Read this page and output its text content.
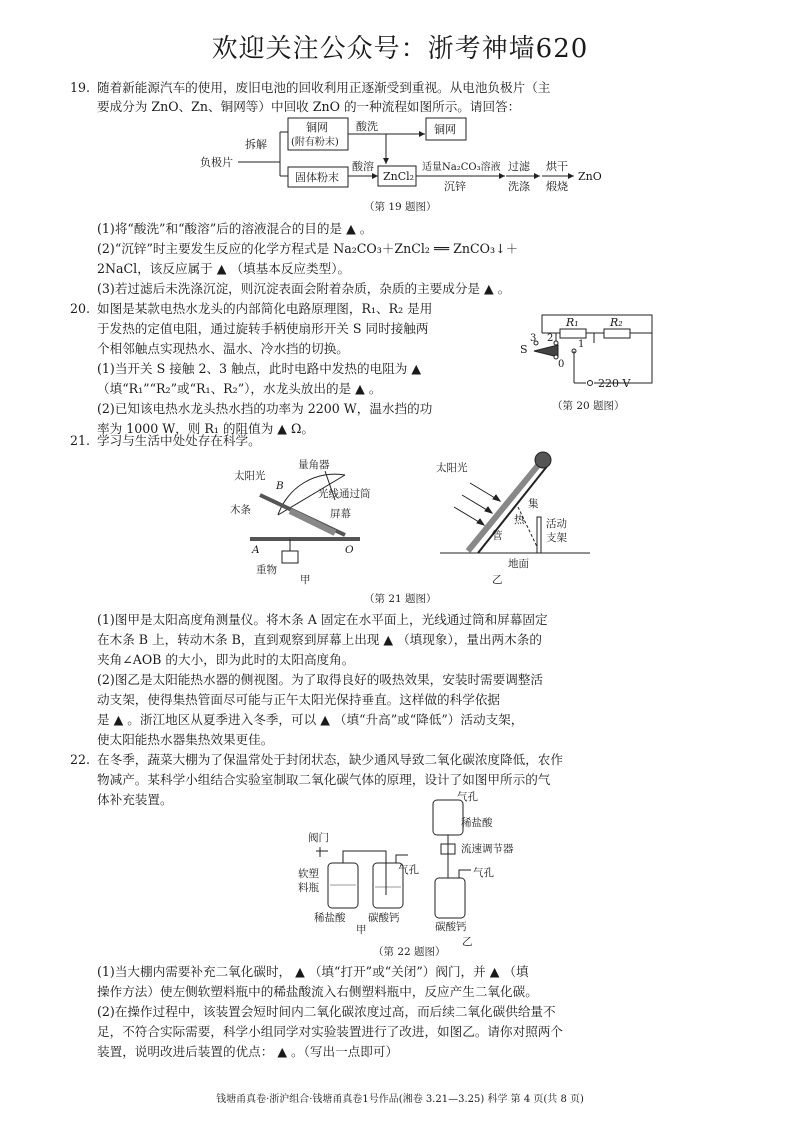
欢迎关注公众号：浙考神墙620
19. 随着新能源汽车的使用，废旧电池的回收利用正逐渐受到重视。从电池负极片（主
要成分为 ZnO、Zn、铜网等）中回收 ZnO 的一种流程如图所示。请回答：
负极片
拆解
铜网
(附有粉末)
酸洗	铜网
固体粉末
酸溶
ZnCl₂
适量Na₂CO₃溶液
沉锌
过滤
洗涤
烘干
煅烧
ZnO
（第 19 题图）
(1)将“酸洗”和“酸溶”后的溶液混合的目的是 ▲ 。
(2)“沉锌”时主要发生反应的化学方程式是 Na₂CO₃＋ZnCl₂ ══ ZnCO₃↓＋
2NaCl，该反应属于 ▲ （填基本反应类型）。
(3)若过滤后未洗涤沉淀，则沉淀表面会附着杂质，杂质的主要成分是 ▲ 。
20. 如图是某款电热水龙头的内部简化电路原理图，R₁、R₂ 是用
于发热的定值电阻，通过旋转手柄使扇形开关 S 同时接触两
个相邻触点实现热水、温水、冷水挡的切换。
(1)当开关 S 接触 2、3 触点，此时电路中发热的电阻为 ▲
（填“R₁”“R₂”或“R₁、R₂”），水龙头放出的是 ▲ 。
(2)已知该电热水龙头热水挡的功率为 2200 W，温水挡的功
率为 1000 W，则 R₁ 的阻值为 ▲ Ω。
R₁	R₂
S
3 2
1
0
220 V
（第 20 题图）
21. 学习与生活中处处存在科学。
量角器
太阳光
B
光线通过筒
屏幕
木条
A	O
重物
甲
太阳光
集
热
管
活动
支架
地面
乙
（第 21 题图）
(1)图甲是太阳高度角测量仪。将木条 A 固定在水平面上，光线通过筒和屏幕固定
在木条 B 上，转动木条 B，直到观察到屏幕上出现 ▲ （填现象），量出两木条的
夹角∠AOB 的大小，即为此时的太阳高度角。
(2)图乙是太阳能热水器的侧视图。为了取得良好的吸热效果，安装时需要调整活
动支架，使得集热管面尽可能与正午太阳光保持垂直。这样做的科学依据
是 ▲ 。浙江地区从夏季进入冬季，可以 ▲ （填“升高”或“降低”）活动支架，
使太阳能热水器集热效果更佳。
22. 在冬季，蔬菜大棚为了保温常处于封闭状态，缺少通风导致二氧化碳浓度降低，农作
物减产。某科学小组结合实验室制取二氧化碳气体的原理，设计了如图甲所示的气
体补充装置。
阀门
软塑
料瓶
气孔
稀盐酸 碳酸钙
甲
气孔
稀盐酸
流速调节器
气孔
碳酸钙
乙
（第 22 题图）
(1)当大棚内需要补充二氧化碳时， ▲ （填“打开”或“关闭”）阀门，并 ▲ （填
操作方法）使左侧软塑料瓶中的稀盐酸流入右侧塑料瓶中，反应产生二氧化碳。
(2)在操作过程中，该装置会短时间内二氧化碳浓度过高，而后续二氧化碳供给量不
足，不符合实际需要，科学小组同学对实验装置进行了改进，如图乙。请你对照两个
装置，说明改进后装置的优点： ▲ 。（写出一点即可）
钱塘甬真卷·浙沪组合·钱塘甬真卷1号作品(湘卷 3.21—3.25) 科学 第 4 页(共 8 页)
